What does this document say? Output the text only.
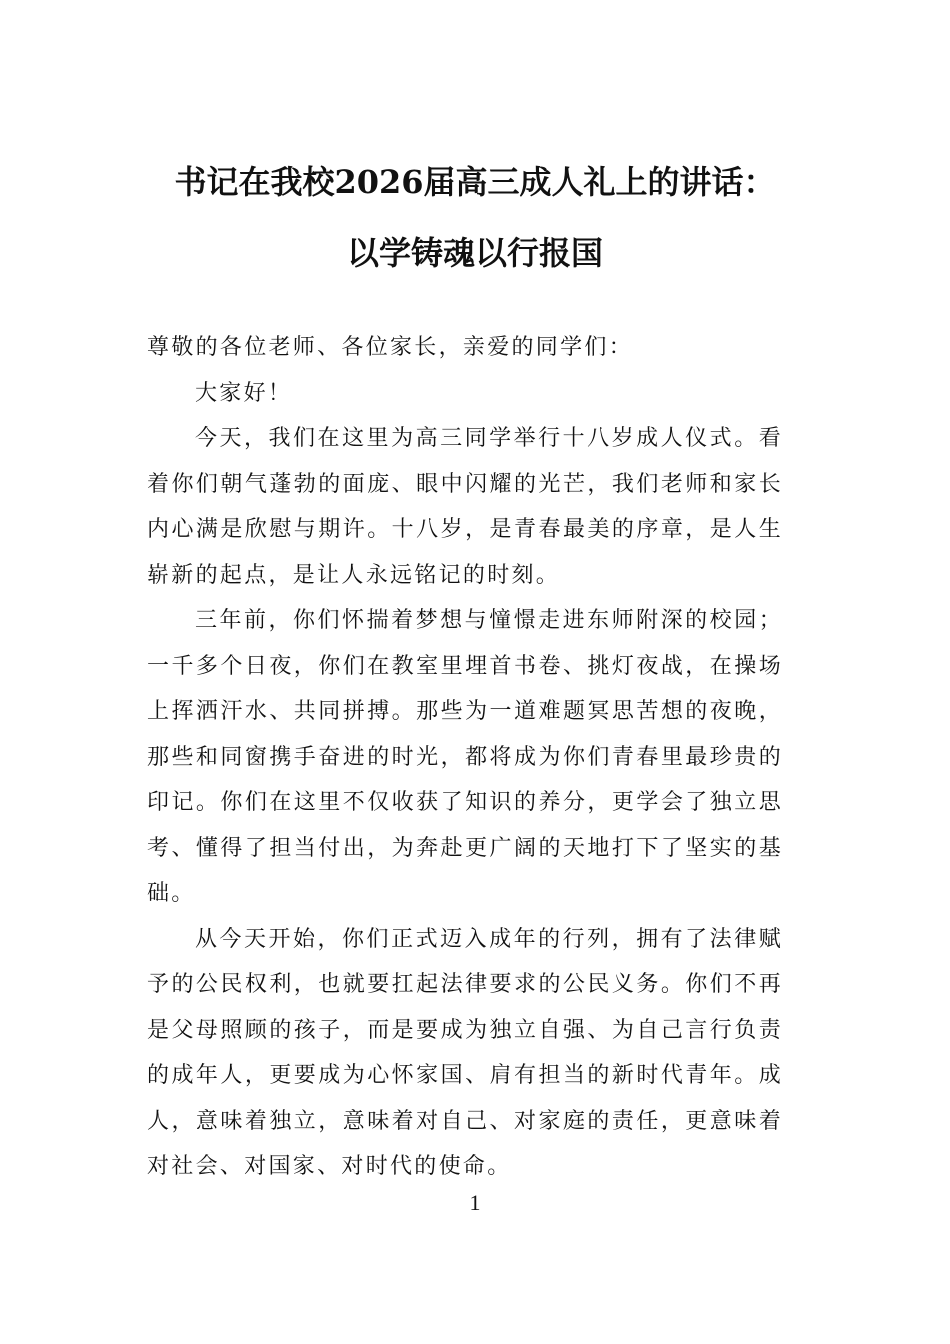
书记在我校2026届高三成人礼上的讲话：
以学铸魂以行报国

尊敬的各位老师、各位家长，亲爱的同学们：

大家好！

今天，我们在这里为高三同学举行十八岁成人仪式。看着你们朝气蓬勃的面庞、眼中闪耀的光芒，我们老师和家长内心满是欣慰与期许。十八岁，是青春最美的序章，是人生崭新的起点，是让人永远铭记的时刻。

三年前，你们怀揣着梦想与憧憬走进东师附深的校园；一千多个日夜，你们在教室里埋首书卷、挑灯夜战，在操场上挥洒汗水、共同拼搏。那些为一道难题冥思苦想的夜晚，那些和同窗携手奋进的时光，都将成为你们青春里最珍贵的印记。你们在这里不仅收获了知识的养分，更学会了独立思考、懂得了担当付出，为奔赴更广阔的天地打下了坚实的基础。

从今天开始，你们正式迈入成年的行列，拥有了法律赋予的公民权利，也就要扛起法律要求的公民义务。你们不再是父母照顾的孩子，而是要成为独立自强、为自己言行负责的成年人，更要成为心怀家国、肩有担当的新时代青年。成人，意味着独立，意味着对自己、对家庭的责任，更意味着对社会、对国家、对时代的使命。

1
